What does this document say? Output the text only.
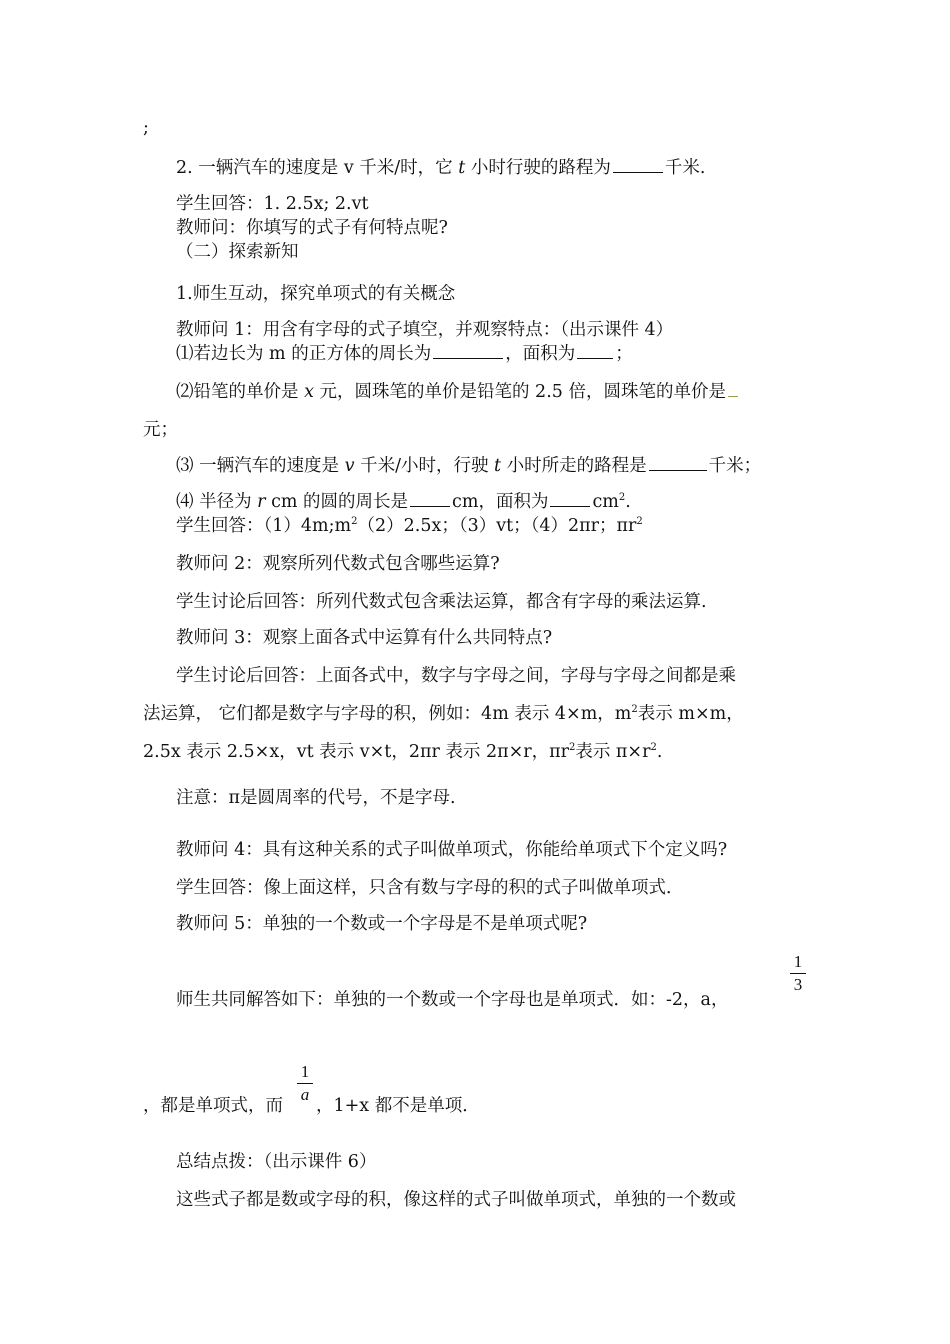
;
2. 一辆汽车的速度是 v 千米/时，它 t 小时行驶的路程为	千米.
学生回答：1. 2.5x; 2.vt
教师问：你填写的式子有何特点呢?
（二）探索新知
1.师生互动，探究单项式的有关概念
教师问 1：用含有字母的式子填空，并观察特点：（出示课件 4）
⑴若边长为 m 的正方体的周长为	，面积为 ；
⑵铅笔的单价是 x 元，圆珠笔的单价是铅笔的 2.5 倍，圆珠笔的单价是
元；
⑶ 一辆汽车的速度是 v 千米/小时，行驶 t 小时所走的路程是	千米；
⑷ 半径为 r cm 的圆的周长是	cm，面积为	$cm^2$.
学生回答：$(1)4m;m^2(2)2.5x$；（3）vt；（4）2πr；$\pi r^2$
教师问 2：观察所列代数式包含哪些运算?
学生讨论后回答：所列代数式包含乘法运算，都含有字母的乘法运算.
教师问 3：观察上面各式中运算有什么共同特点?
学生讨论后回答：上面各式中，数字与字母之间，字母与字母之间都是乘
法运算， 它们都是数字与字母的积，例如：4m 表示 4×m，$m^2$表示 m×m，
2.5x 表示 2.5×x，vt 表示 v×t，2πr 表示 2π×r，$\pi r^2$表示 $\pi\times r^2$.
注意：π是圆周率的代号，不是字母.
教师问 4：具有这种关系的式子叫做单项式，你能给单项式下个定义吗?
学生回答：像上面这样，只含有数与字母的积的式子叫做单项式．
教师问 5：单独的一个数或一个字母是不是单项式呢?
师生共同解答如下：单独的一个数或一个字母也是单项式．如：-2，a，
1
3
，都是单项式，而
1
a
，1+x 都不是单项．
总结点拨：（出示课件 6）
这些式子都是数或字母的积，像这样的式子叫做单项式，单独的一个数或
